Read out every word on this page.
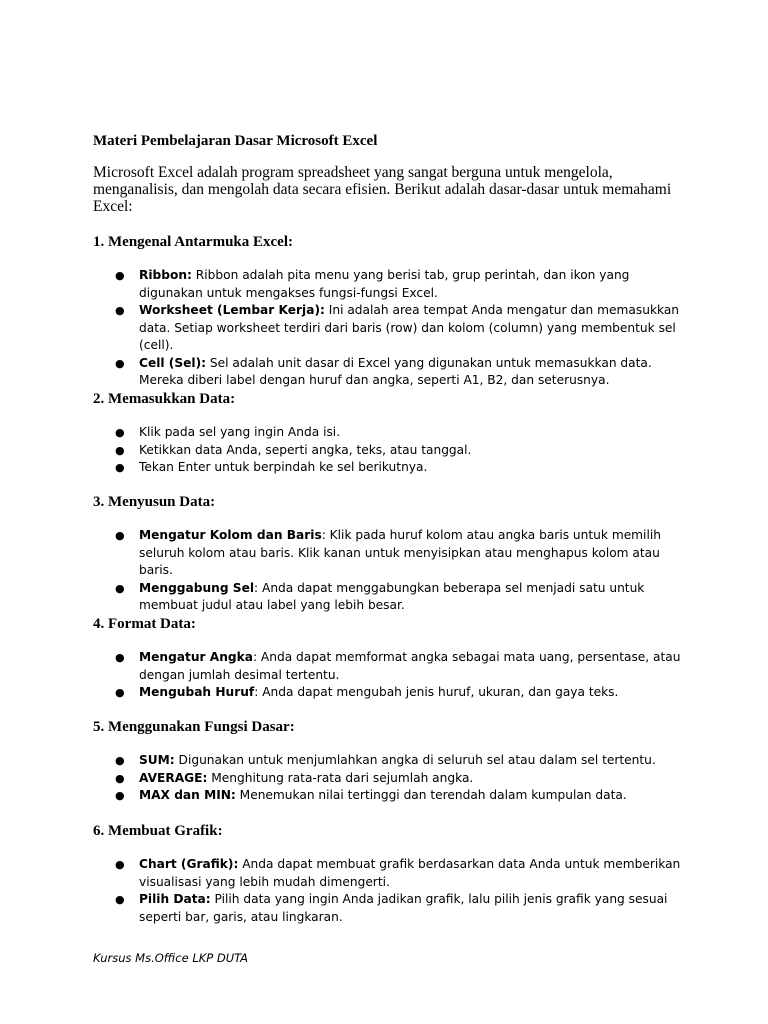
Materi Pembelajaran Dasar Microsoft Excel

Microsoft Excel adalah program spreadsheet yang sangat berguna untuk mengelola, menganalisis, dan mengolah data secara efisien. Berikut adalah dasar-dasar untuk memahami Excel:

1. Mengenal Antarmuka Excel:
● Ribbon: Ribbon adalah pita menu yang berisi tab, grup perintah, dan ikon yang digunakan untuk mengakses fungsi-fungsi Excel.
● Worksheet (Lembar Kerja): Ini adalah area tempat Anda mengatur dan memasukkan data. Setiap worksheet terdiri dari baris (row) dan kolom (column) yang membentuk sel (cell).
● Cell (Sel): Sel adalah unit dasar di Excel yang digunakan untuk memasukkan data. Mereka diberi label dengan huruf dan angka, seperti A1, B2, dan seterusnya.
2. Memasukkan Data:
● Klik pada sel yang ingin Anda isi.
● Ketikkan data Anda, seperti angka, teks, atau tanggal.
● Tekan Enter untuk berpindah ke sel berikutnya.
3. Menyusun Data:
● Mengatur Kolom dan Baris: Klik pada huruf kolom atau angka baris untuk memilih seluruh kolom atau baris. Klik kanan untuk menyisipkan atau menghapus kolom atau baris.
● Menggabung Sel: Anda dapat menggabungkan beberapa sel menjadi satu untuk membuat judul atau label yang lebih besar.
4. Format Data:
● Mengatur Angka: Anda dapat memformat angka sebagai mata uang, persentase, atau dengan jumlah desimal tertentu.
● Mengubah Huruf: Anda dapat mengubah jenis huruf, ukuran, dan gaya teks.
5. Menggunakan Fungsi Dasar:
● SUM: Digunakan untuk menjumlahkan angka di seluruh sel atau dalam sel tertentu.
● AVERAGE: Menghitung rata-rata dari sejumlah angka.
● MAX dan MIN: Menemukan nilai tertinggi dan terendah dalam kumpulan data.
6. Membuat Grafik:
● Chart (Grafik): Anda dapat membuat grafik berdasarkan data Anda untuk memberikan visualisasi yang lebih mudah dimengerti.
● Pilih Data: Pilih data yang ingin Anda jadikan grafik, lalu pilih jenis grafik yang sesuai seperti bar, garis, atau lingkaran.
Kursus Ms.Office LKP DUTA
